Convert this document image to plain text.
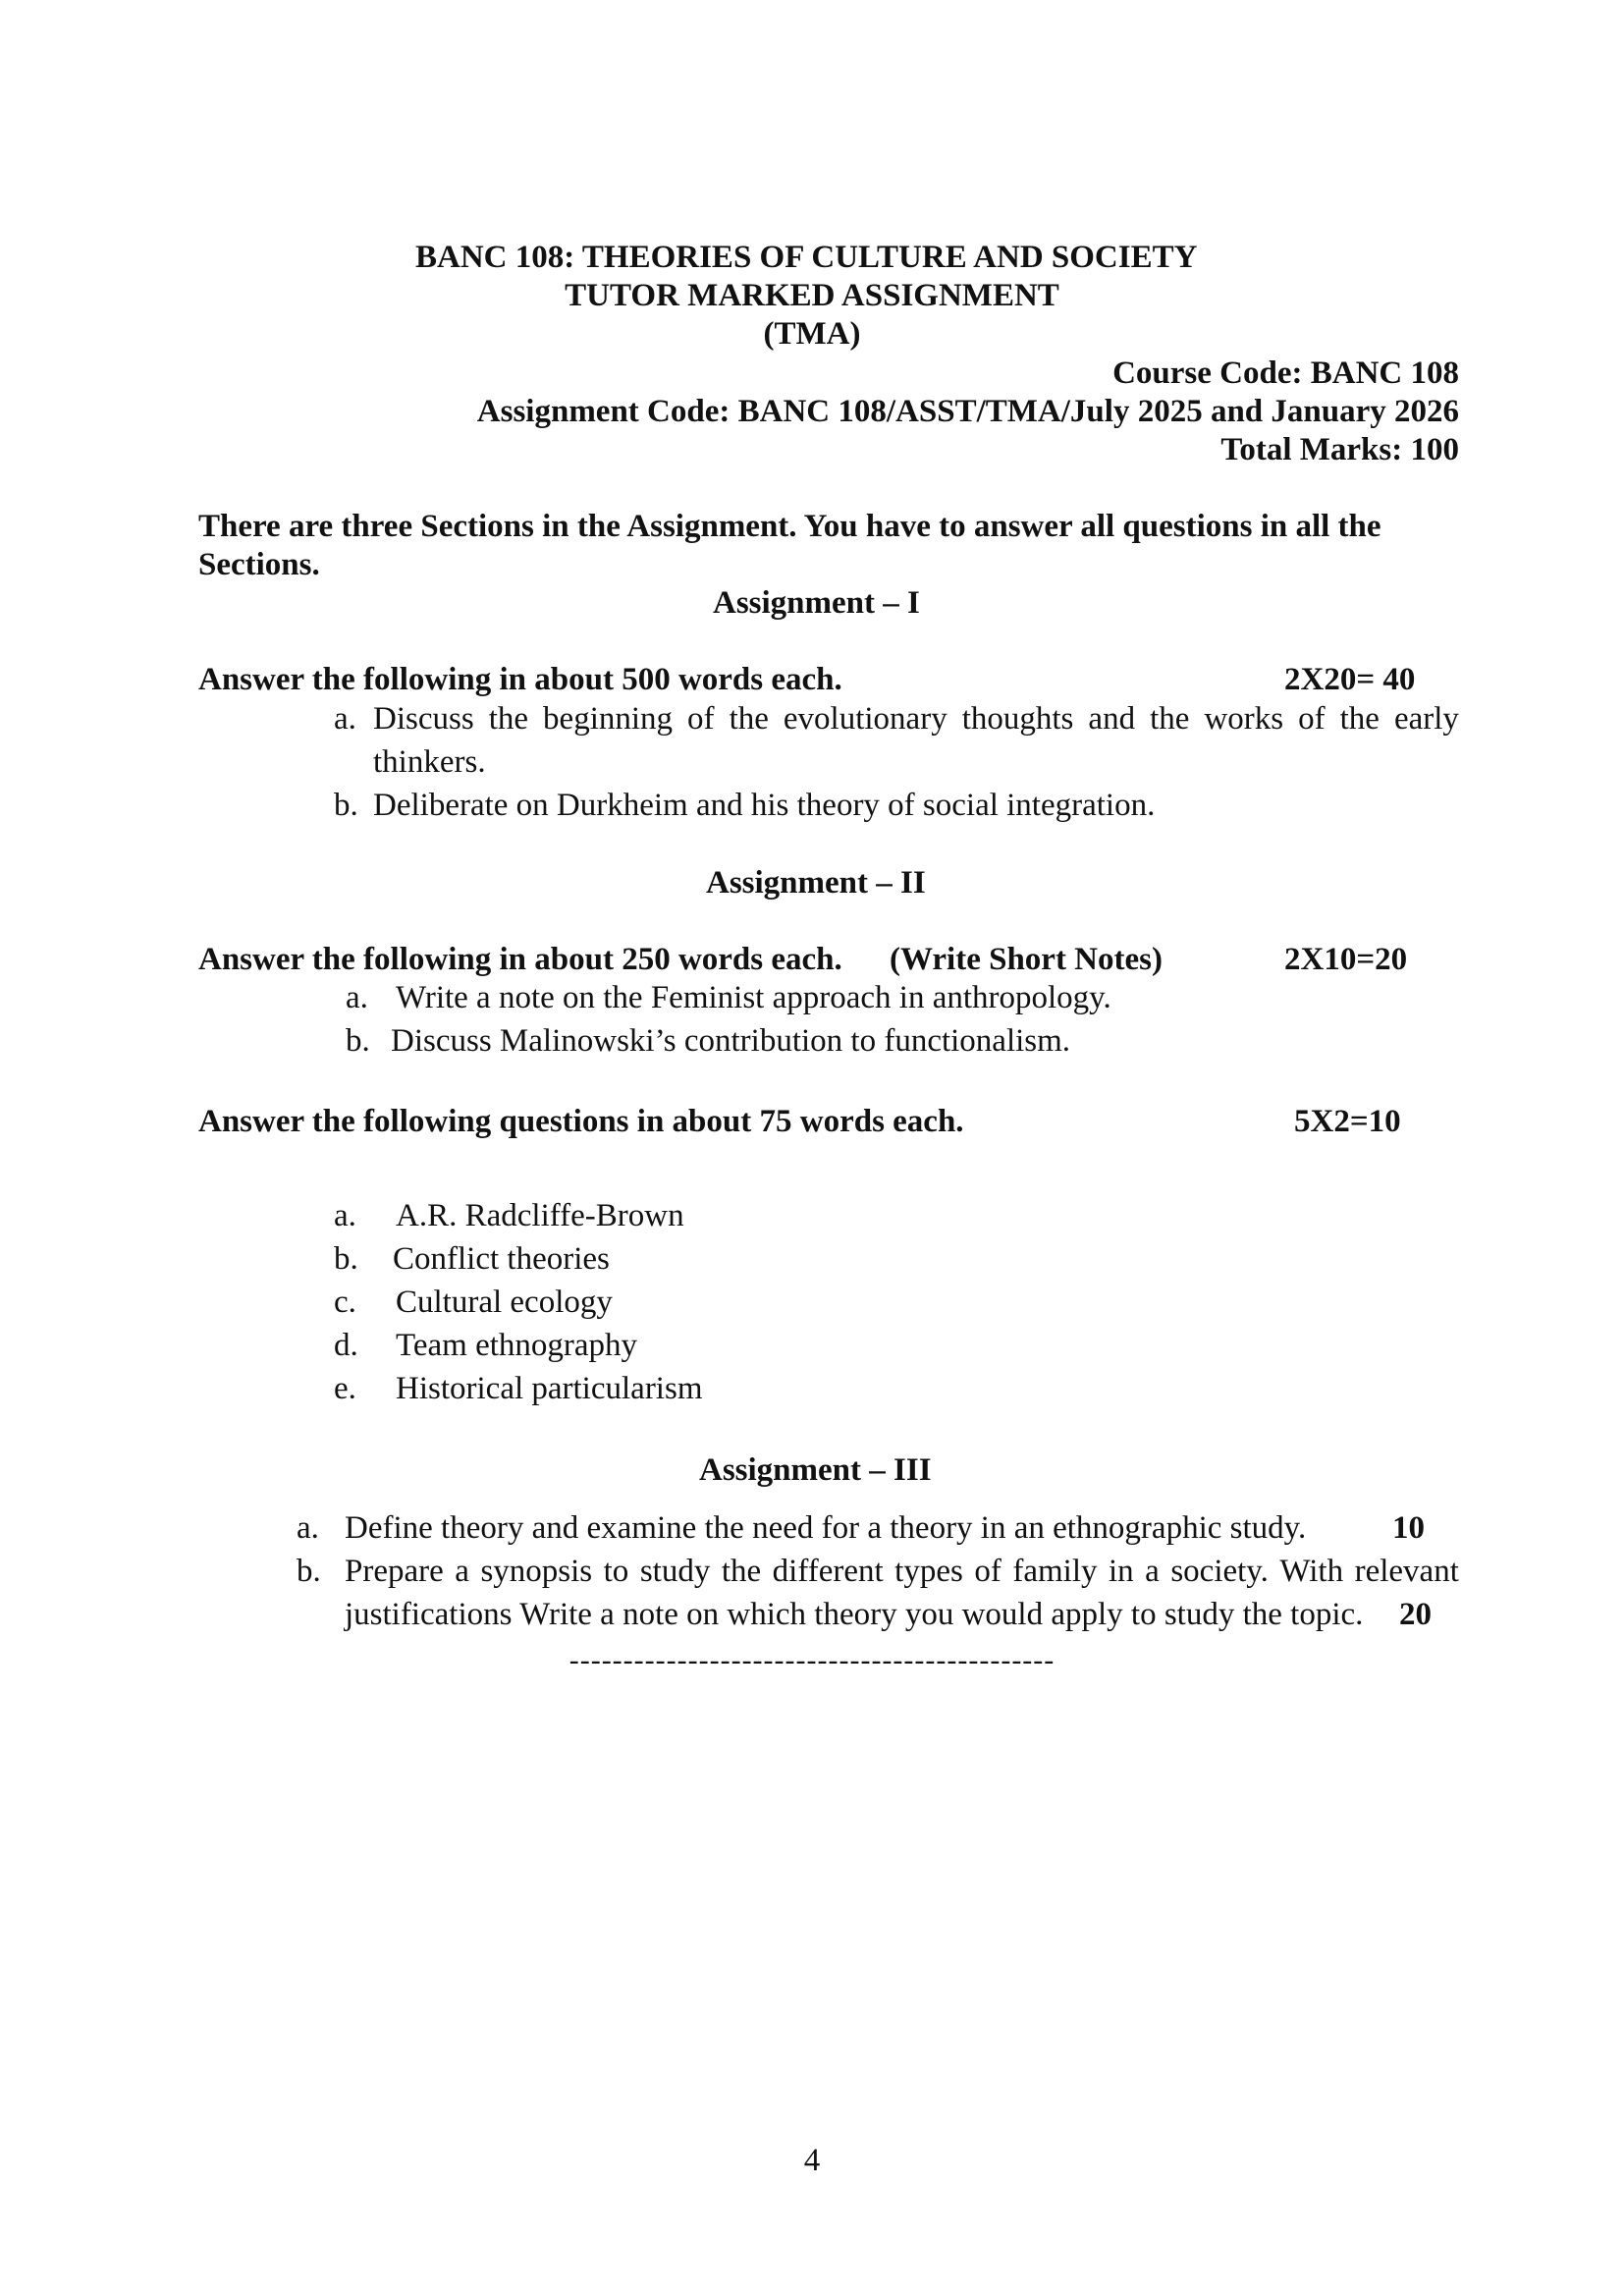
BANC 108: THEORIES OF CULTURE AND SOCIETY
TUTOR MARKED ASSIGNMENT
(TMA)
Course Code: BANC 108
Assignment Code: BANC 108/ASST/TMA/July 2025 and January 2026
Total Marks: 100
There are three Sections in the Assignment. You have to answer all questions in all the
Sections.
Assignment – I
Answer the following in about 500 words each.	2X20= 40
a. Discuss the beginning of the evolutionary thoughts and the works of the early
thinkers.
b. Deliberate on Durkheim and his theory of social integration.
Assignment – II
Answer the following in about 250 words each. (Write Short Notes)	2X10=20
a. Write a note on the Feminist approach in anthropology.
b. Discuss Malinowski’s contribution to functionalism.
Answer the following questions in about 75 words each.	5X2=10
a. A.R. Radcliffe-Brown
b. Conflict theories
c. Cultural ecology
d. Team ethnography
e. Historical particularism
Assignment – III
a. Define theory and examine the need for a theory in an ethnographic study.	10
b. Prepare a synopsis to study the different types of family in a society. With relevant
justifications Write a note on which theory you would apply to study the topic. 20
---------------------------------------------
4
